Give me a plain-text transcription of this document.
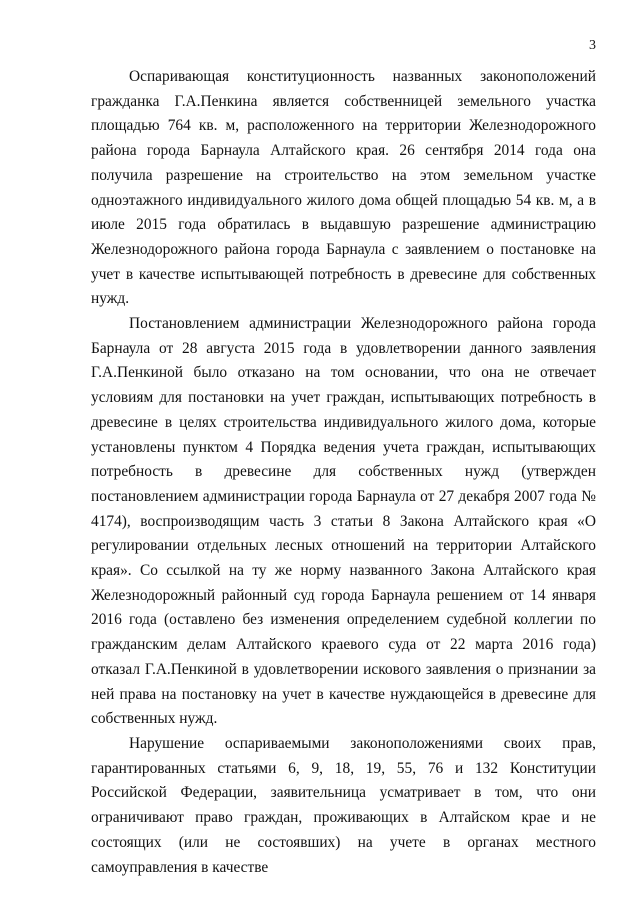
3

Оспаривающая конституционность названных законоположений гражданка Г.А.Пенкина является собственницей земельного участка площадью 764 кв. м, расположенного на территории Железнодорожного района города Барнаула Алтайского края. 26 сентября 2014 года она получила разрешение на строительство на этом земельном участке одноэтажного индивидуального жилого дома общей площадью 54 кв. м, а в июле 2015 года обратилась в выдавшую разрешение администрацию Железнодорожного района города Барнаула с заявлением о постановке на учет в качестве испытывающей потребность в древесине для собственных нужд.

Постановлением администрации Железнодорожного района города Барнаула от 28 августа 2015 года в удовлетворении данного заявления Г.А.Пенкиной было отказано на том основании, что она не отвечает условиям для постановки на учет граждан, испытывающих потребность в древесине в целях строительства индивидуального жилого дома, которые установлены пунктом 4 Порядка ведения учета граждан, испытывающих потребность в древесине для собственных нужд (утвержден постановлением администрации города Барнаула от 27 декабря 2007 года № 4174), воспроизводящим часть 3 статьи 8 Закона Алтайского края «О регулировании отдельных лесных отношений на территории Алтайского края». Со ссылкой на ту же норму названного Закона Алтайского края Железнодорожный районный суд города Барнаула решением от 14 января 2016 года (оставлено без изменения определением судебной коллегии по гражданским делам Алтайского краевого суда от 22 марта 2016 года) отказал Г.А.Пенкиной в удовлетворении искового заявления о признании за ней права на постановку на учет в качестве нуждающейся в древесине для собственных нужд.

Нарушение оспариваемыми законоположениями своих прав, гарантированных статьями 6, 9, 18, 19, 55, 76 и 132 Конституции Российской Федерации, заявительница усматривает в том, что они ограничивают право граждан, проживающих в Алтайском крае и не состоящих (или не состоявших) на учете в органах местного самоуправления в качестве
